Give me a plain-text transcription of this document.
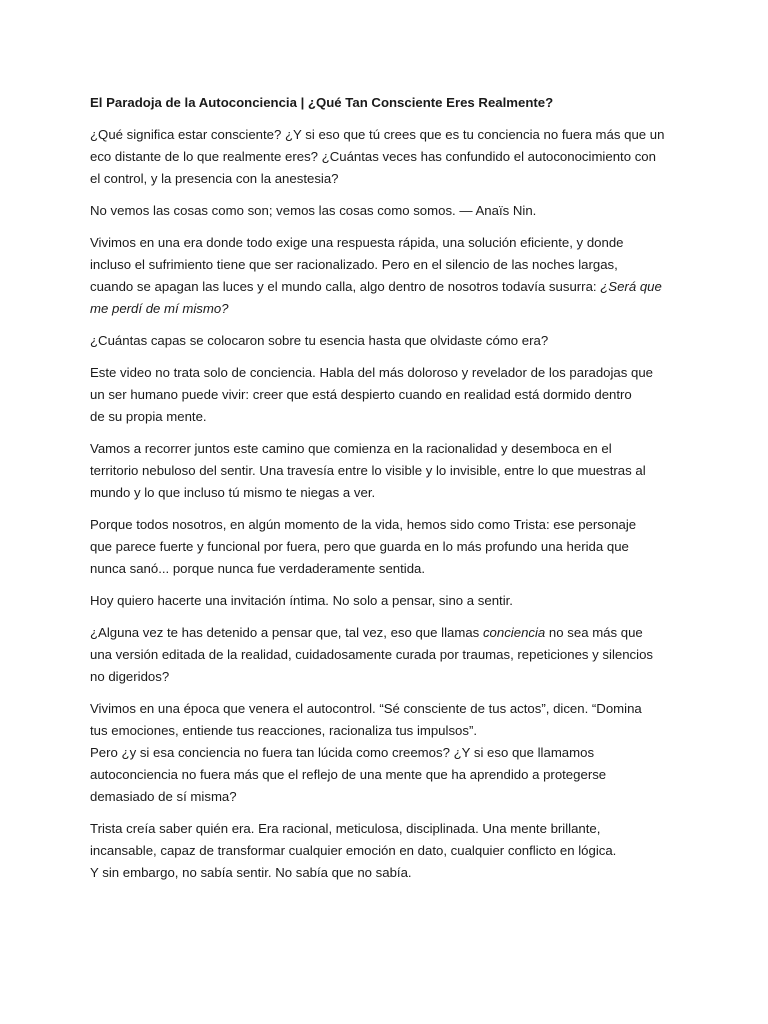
El Paradoja de la Autoconciencia | ¿Qué Tan Consciente Eres Realmente?
¿Qué significa estar consciente? ¿Y si eso que tú crees que es tu conciencia no fuera más que un
eco distante de lo que realmente eres? ¿Cuántas veces has confundido el autoconocimiento con
el control, y la presencia con la anestesia?
No vemos las cosas como son; vemos las cosas como somos. — Anaïs Nin.
Vivimos en una era donde todo exige una respuesta rápida, una solución eficiente, y donde
incluso el sufrimiento tiene que ser racionalizado. Pero en el silencio de las noches largas,
cuando se apagan las luces y el mundo calla, algo dentro de nosotros todavía susurra: ¿Será que
me perdí de mí mismo?
¿Cuántas capas se colocaron sobre tu esencia hasta que olvidaste cómo era?
Este video no trata solo de conciencia. Habla del más doloroso y revelador de los paradojas que
un ser humano puede vivir: creer que está despierto cuando en realidad está dormido dentro
de su propia mente.
Vamos a recorrer juntos este camino que comienza en la racionalidad y desemboca en el
territorio nebuloso del sentir. Una travesía entre lo visible y lo invisible, entre lo que muestras al
mundo y lo que incluso tú mismo te niegas a ver.
Porque todos nosotros, en algún momento de la vida, hemos sido como Trista: ese personaje
que parece fuerte y funcional por fuera, pero que guarda en lo más profundo una herida que
nunca sanó... porque nunca fue verdaderamente sentida.
Hoy quiero hacerte una invitación íntima. No solo a pensar, sino a sentir.
¿Alguna vez te has detenido a pensar que, tal vez, eso que llamas conciencia no sea más que
una versión editada de la realidad, cuidadosamente curada por traumas, repeticiones y silencios
no digeridos?
Vivimos en una época que venera el autocontrol. “Sé consciente de tus actos”, dicen. “Domina
tus emociones, entiende tus reacciones, racionaliza tus impulsos”.
Pero ¿y si esa conciencia no fuera tan lúcida como creemos? ¿Y si eso que llamamos
autoconciencia no fuera más que el reflejo de una mente que ha aprendido a protegerse
demasiado de sí misma?
Trista creía saber quién era. Era racional, meticulosa, disciplinada. Una mente brillante,
incansable, capaz de transformar cualquier emoción en dato, cualquier conflicto en lógica.
Y sin embargo, no sabía sentir. No sabía que no sabía.
